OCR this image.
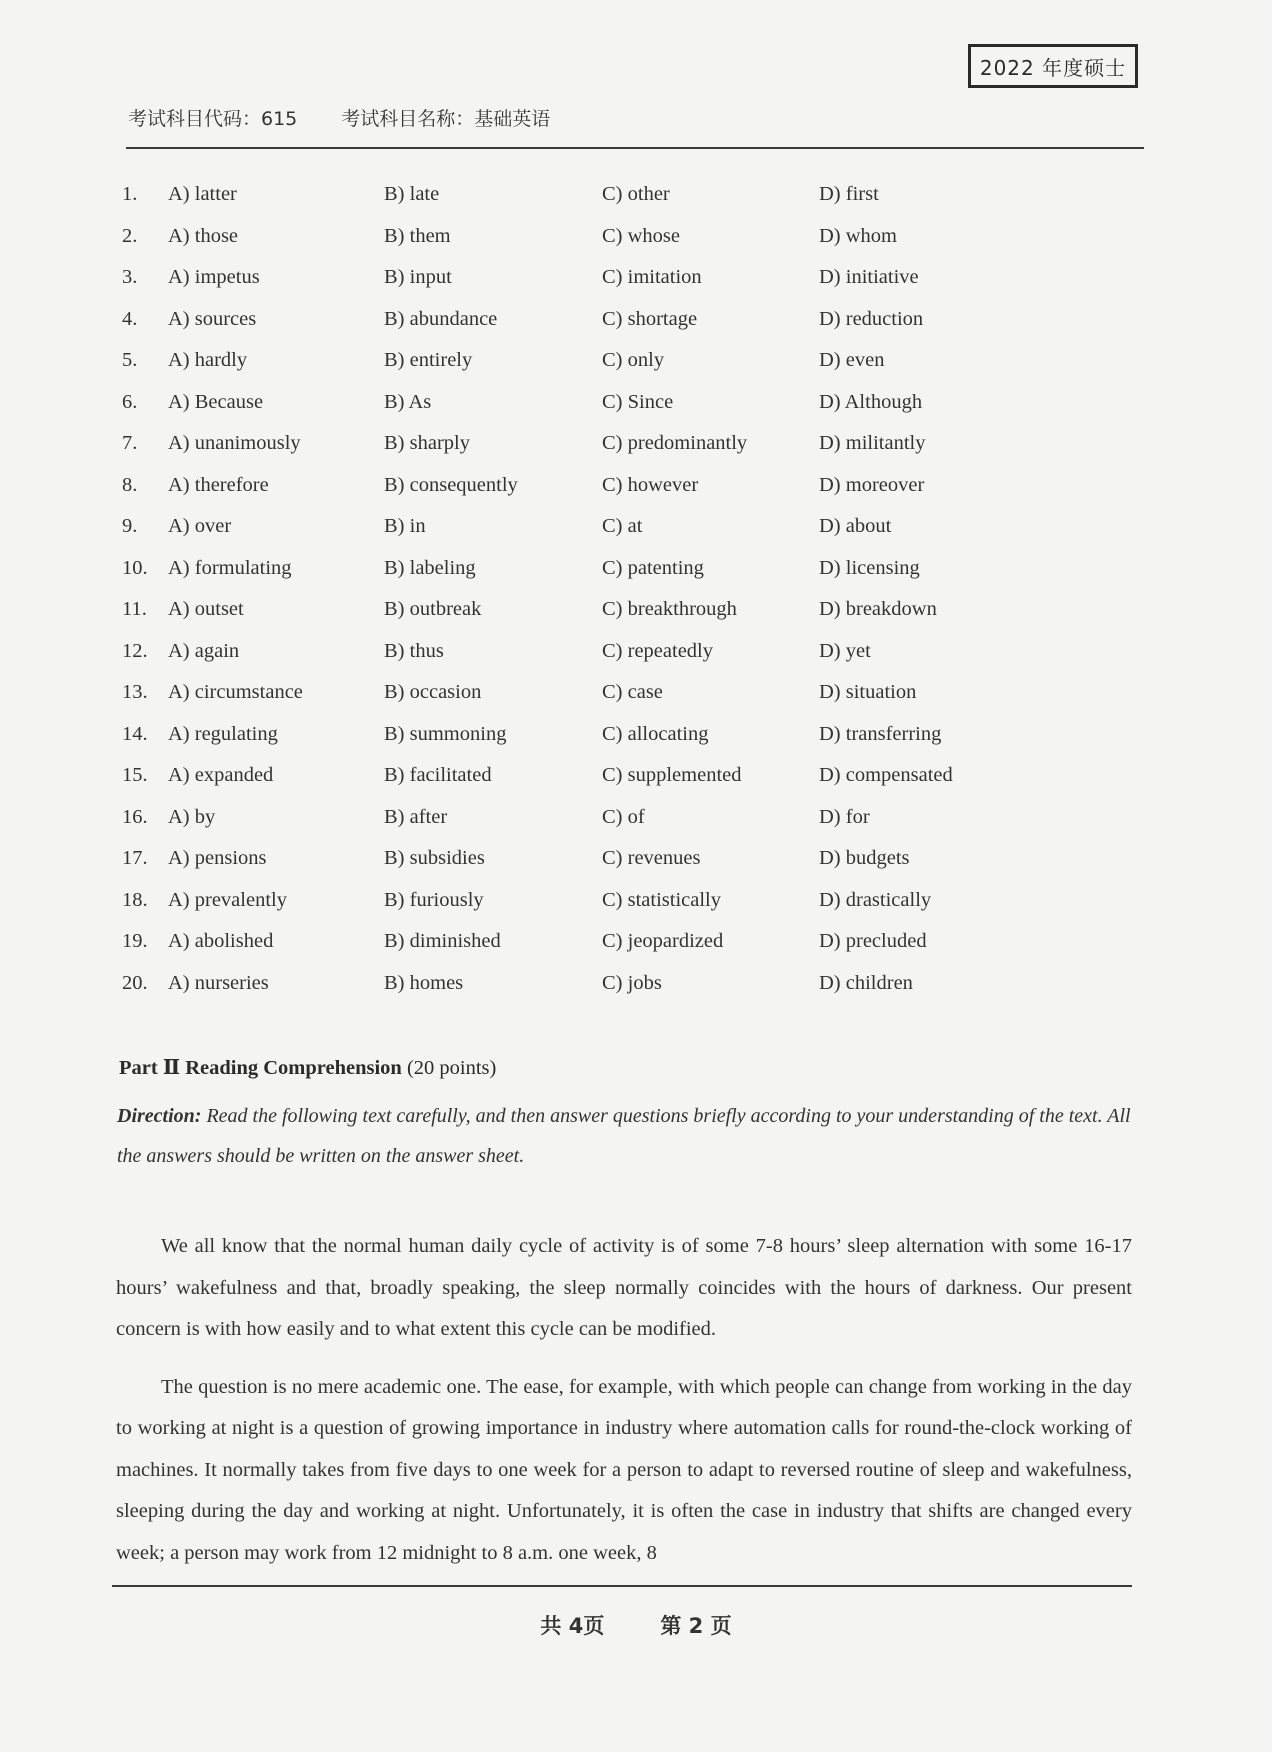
2022 年度硕士
考试科目代码：615 考试科目名称：基础英语
1. A) latter	B) late	C) other	D) first
2. A) those	B) them	C) whose	D) whom
3. A) impetus	B) input	C) imitation	D) initiative
4. A) sources	B) abundance	C) shortage	D) reduction
5. A) hardly	B) entirely	C) only	D) even
6. A) Because	B) As	C) Since	D) Although
7. A) unanimously	B) sharply	C) predominantly	D) militantly
8. A) therefore	B) consequently	C) however	D) moreover
9. A) over	B) in	C) at	D) about
10. A) formulating	B) labeling	C) patenting	D) licensing
11. A) outset	B) outbreak	C) breakthrough	D) breakdown
12. A) again	B) thus	C) repeatedly	D) yet
13. A) circumstance	B) occasion	C) case	D) situation
14. A) regulating	B) summoning	C) allocating	D) transferring
15. A) expanded	B) facilitated	C) supplemented	D) compensated
16. A) by	B) after	C) of	D) for
17. A) pensions	B) subsidies	C) revenues	D) budgets
18. A) prevalently	B) furiously	C) statistically	D) drastically
19. A) abolished	B) diminished	C) jeopardized	D) precluded
20. A) nurseries	B) homes	C) jobs	D) children
Part Ⅱ Reading Comprehension (20 points)
Direction: Read the following text carefully, and then answer questions briefly according to your understanding of the text. All the answers should be written on the answer sheet.

We all know that the normal human daily cycle of activity is of some 7-8 hours’ sleep alternation with some 16-17 hours’ wakefulness and that, broadly speaking, the sleep normally coincides with the hours of darkness. Our present concern is with how easily and to what extent this cycle can be modified.

The question is no mere academic one. The ease, for example, with which people can change from working in the day to working at night is a question of growing importance in industry where automation calls for round-the-clock working of machines. It normally takes from five days to one week for a person to adapt to reversed routine of sleep and wakefulness, sleeping during the day and working at night. Unfortunately, it is often the case in industry that shifts are changed every week; a person may work from 12 midnight to 8 a.m. one week, 8

共 4页	第 2 页
